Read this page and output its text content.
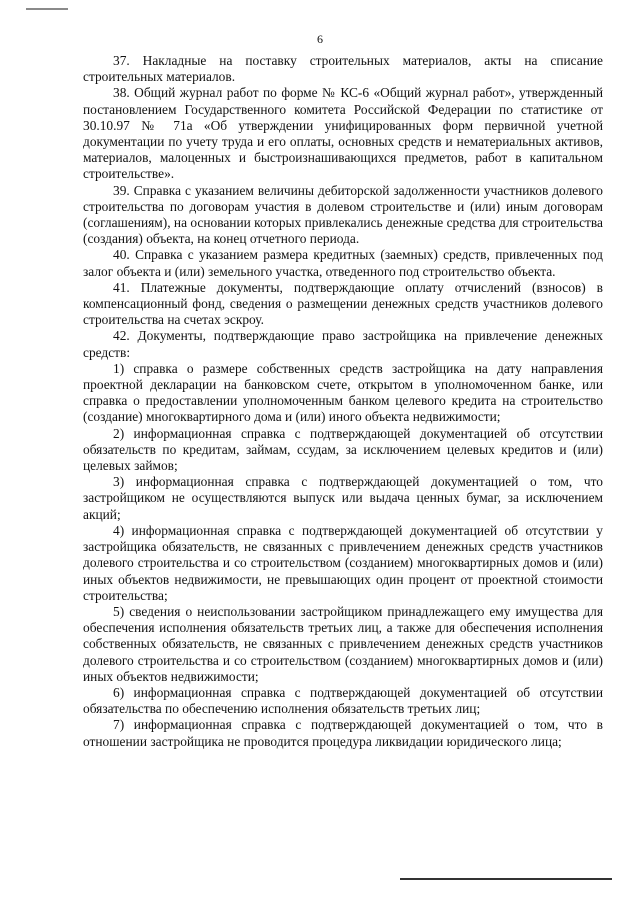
6

37. Накладные на поставку строительных материалов, акты на списание строительных материалов.

38. Общий журнал работ по форме № КС-6 «Общий журнал работ», утвержденный постановлением Государственного комитета Российской Федерации по статистике от 30.10.97 № 71а «Об утверждении унифицированных форм первичной учетной документации по учету труда и его оплаты, основных средств и нематериальных активов, материалов, малоценных и быстроизнашивающихся предметов, работ в капитальном строительстве».

39. Справка с указанием величины дебиторской задолженности участников долевого строительства по договорам участия в долевом строительстве и (или) иным договорам (соглашениям), на основании которых привлекались денежные средства для строительства (создания) объекта, на конец отчетного периода.

40. Справка с указанием размера кредитных (заемных) средств, привлеченных под залог объекта и (или) земельного участка, отведенного под строительство объекта.

41. Платежные документы, подтверждающие оплату отчислений (взносов) в компенсационный фонд, сведения о размещении денежных средств участников долевого строительства на счетах эскроу.

42. Документы, подтверждающие право застройщика на привлечение денежных средств:

1) справка о размере собственных средств застройщика на дату направления проектной декларации на банковском счете, открытом в уполномоченном банке, или справка о предоставлении уполномоченным банком целевого кредита на строительство (создание) многоквартирного дома и (или) иного объекта недвижимости;

2) информационная справка с подтверждающей документацией об отсутствии обязательств по кредитам, займам, ссудам, за исключением целевых кредитов и (или) целевых займов;

3) информационная справка с подтверждающей документацией о том, что застройщиком не осуществляются выпуск или выдача ценных бумаг, за исключением акций;

4) информационная справка с подтверждающей документацией об отсутствии у застройщика обязательств, не связанных с привлечением денежных средств участников долевого строительства и со строительством (созданием) многоквартирных домов и (или) иных объектов недвижимости, не превышающих один процент от проектной стоимости строительства;

5) сведения о неиспользовании застройщиком принадлежащего ему имущества для обеспечения исполнения обязательств третьих лиц, а также для обеспечения исполнения собственных обязательств, не связанных с привлечением денежных средств участников долевого строительства и со строительством (созданием) многоквартирных домов и (или) иных объектов недвижимости;

6) информационная справка с подтверждающей документацией об отсутствии обязательства по обеспечению исполнения обязательств третьих лиц;

7) информационная справка с подтверждающей документацией о том, что в отношении застройщика не проводится процедура ликвидации юридического лица;
